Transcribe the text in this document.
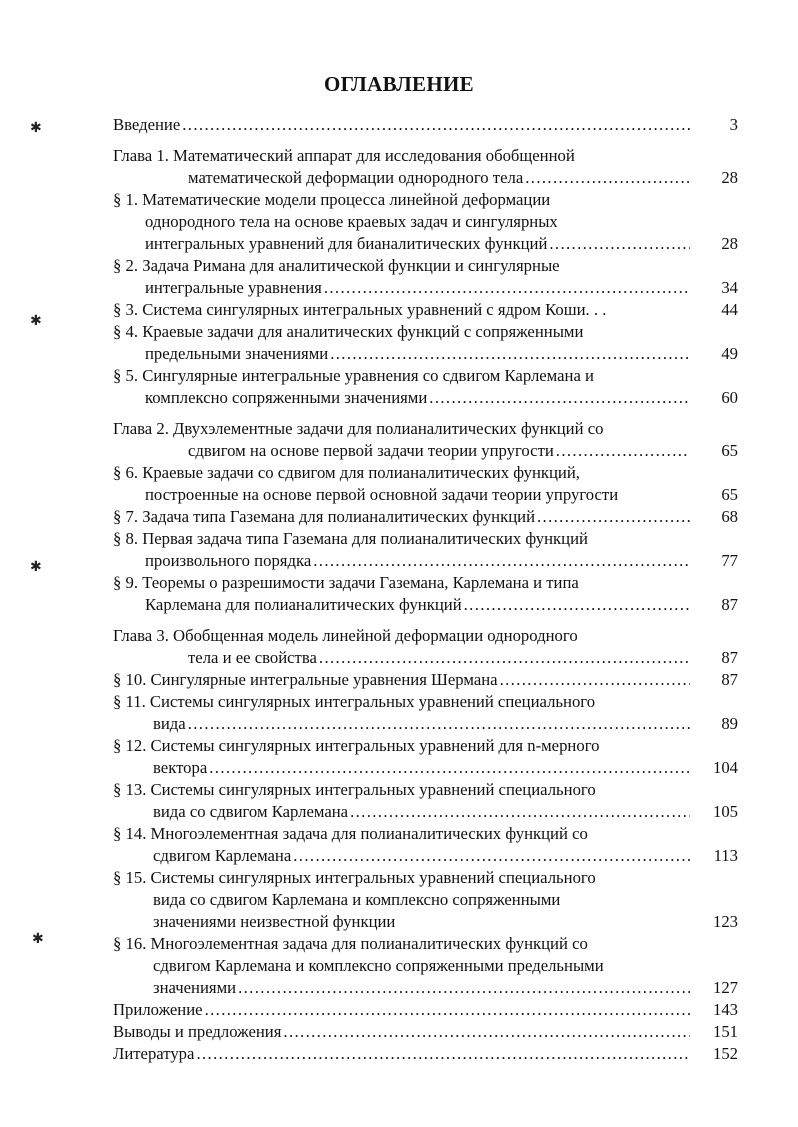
ОГЛАВЛЕНИЕ
Введение . . .	3
Глава 1. Математический аппарат для исследования обобщенной
математической деформации однородного тела . . .	28
§ 1. Математические модели процесса линейной деформации
однородного тела на основе краевых задач и сингулярных
интегральных уравнений для бианалитических функций . . .	28
§ 2. Задача Римана для аналитической функции и сингулярные
интегральные уравнения . . .	34
§ 3. Система сингулярных интегральных уравнений с ядром Коши. . .	44
§ 4. Краевые задачи для аналитических функций с сопряженными
предельными значениями . . .	49
§ 5. Сингулярные интегральные уравнения со сдвигом Карлемана и
комплексно сопряженными значениями . . .	60
Глава 2. Двухэлементные задачи для полианалитических функций со
сдвигом на основе первой задачи теории упругости . . .	65
§ 6. Краевые задачи со сдвигом для полианалитических функций,
построенные на основе первой основной задачи теории упругости	65
§ 7. Задача типа Газемана для полианалитических функций . . .	68
§ 8. Первая задача типа Газемана для полианалитических функций
произвольного порядка . . .	77
§ 9. Теоремы о разрешимости задачи Газемана, Карлемана и типа
Карлемана для полианалитических функций . . .	87
Глава 3. Обобщенная модель линейной деформации однородного
тела и ее свойства . . .	87
§ 10. Сингулярные интегральные уравнения Шермана . . .	87
§ 11. Системы сингулярных интегральных уравнений специального
вида . . .	89
§ 12. Системы сингулярных интегральных уравнений для n-мерного
вектора . . .	104
§ 13. Системы сингулярных интегральных уравнений специального
вида со сдвигом Карлемана . . .	105
§ 14. Многоэлементная задача для полианалитических функций со
сдвигом Карлемана . . .	113
§ 15. Системы сингулярных интегральных уравнений специального
вида со сдвигом Карлемана и комплексно сопряженными
значениями неизвестной функции	123
§ 16. Многоэлементная задача для полианалитических функций со
сдвигом Карлемана и комплексно сопряженными предельными
значениями . . .	127
Приложение . . .	143
Выводы и предложения . . .	151
Литература . . .	152
✱
✱
✱
✱
